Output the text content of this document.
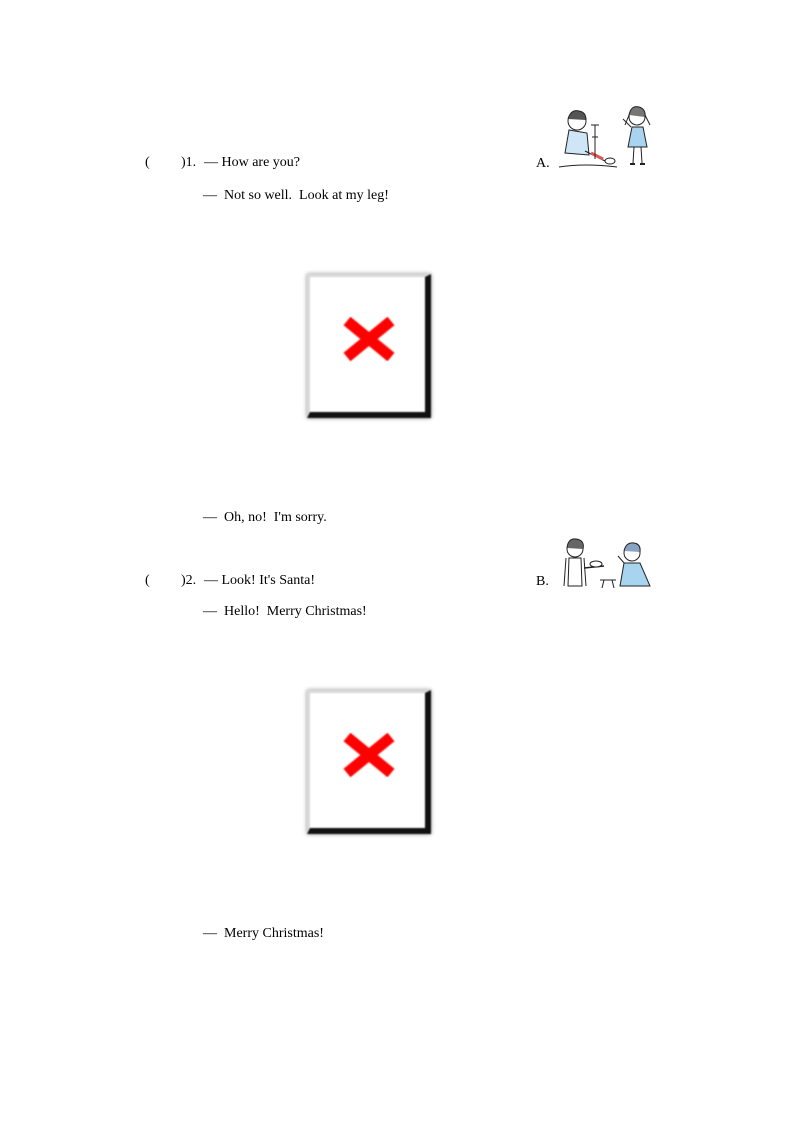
( )1. — How are you?
—  Not so well.  Look at my leg!
A.
—  Oh, no!  I'm sorry.
( )2. — Look! It's Santa!
—  Hello!  Merry Christmas!
B.
—  Merry Christmas!
